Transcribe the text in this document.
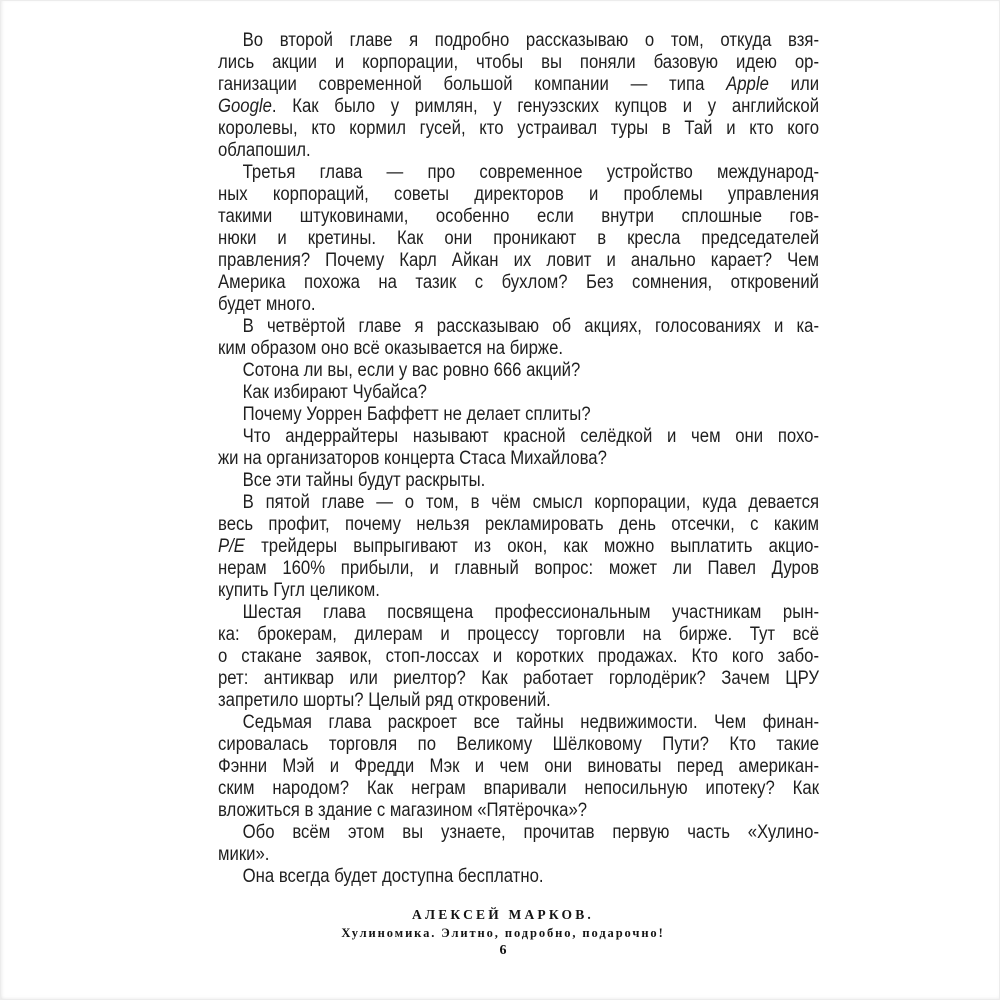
Во второй главе я подробно рассказываю о том, откуда взя-
лись акции и корпорации, чтобы вы поняли базовую идею ор-
ганизации современной большой компании — типа Apple или
Google. Как было у римлян, у генуэзских купцов и у английской
королевы, кто кормил гусей, кто устраивал туры в Тай и кто кого
облапошил.
Третья глава — про современное устройство международ-
ных корпораций, советы директоров и проблемы управления
такими штуковинами, особенно если внутри сплошные гов-
нюки и кретины. Как они проникают в кресла председателей
правления? Почему Карл Айкан их ловит и анально карает? Чем
Америка похожа на тазик с бухлом? Без сомнения, откровений
будет много.
В четвёртой главе я рассказываю об акциях, голосованиях и ка-
ким образом оно всё оказывается на бирже.
Сотона ли вы, если у вас ровно 666 акций?
Как избирают Чубайса?
Почему Уоррен Баффетт не делает сплиты?
Что андеррайтеры называют красной селёдкой и чем они похо-
жи на организаторов концерта Стаса Михайлова?
Все эти тайны будут раскрыты.
В пятой главе — о том, в чём смысл корпорации, куда девается
весь профит, почему нельзя рекламировать день отсечки, с каким
P/E трейдеры выпрыгивают из окон, как можно выплатить акцио-
нерам 160% прибыли, и главный вопрос: может ли Павел Дуров
купить Гугл целиком.
Шестая глава посвящена профессиональным участникам рын-
ка: брокерам, дилерам и процессу торговли на бирже. Тут всё
о стакане заявок, стоп-лоссах и коротких продажах. Кто кого забо-
рет: антиквар или риелтор? Как работает горлодёрик? Зачем ЦРУ
запретило шорты? Целый ряд откровений.
Седьмая глава раскроет все тайны недвижимости. Чем финан-
сировалась торговля по Великому Шёлковому Пути? Кто такие
Фэнни Мэй и Фредди Мэк и чем они виноваты перед американ-
ским народом? Как неграм впаривали непосильную ипотеку? Как
вложиться в здание с магазином «Пятёрочка»?
Обо всём этом вы узнаете, прочитав первую часть «Хулино-
мики».
Она всегда будет доступна бесплатно.
АЛЕКСЕЙ МАРКОВ.
Хулиномика. Элитно, подробно, подарочно!
6
